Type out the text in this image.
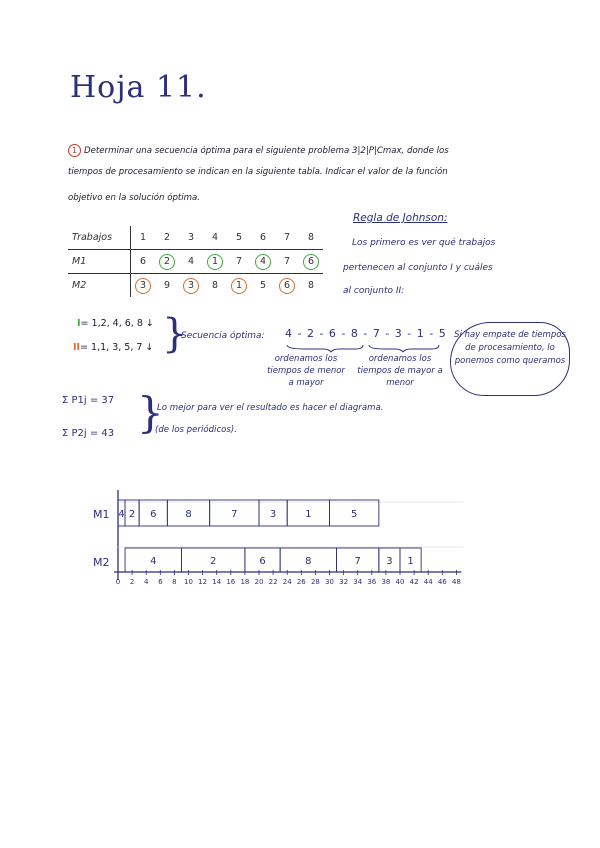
Hoja 11.
1 Determinar una secuencia óptima para el siguiente problema 3|2|P|Cmax, donde los
tiempos de procesamiento se indican en la siguiente tabla. Indicar el valor de la función
objetivo en la solución óptima.
Trabajos	1	2	3	4	5	6	7	8
M1	6	2	4	1	7	4	7	6
M2	3	9	3	8	1	5	6	8
Regla de Johnson:
Los primero es ver qué trabajos
pertenecen al conjunto I y cuáles
al conjunto II:
I= 1,2, 4, 6, 8 ↓
II= 1,1, 3, 5, 7 ↓ }
Secuencia óptima: 4 - 2 - 6 - 8 - 7 - 3 - 1 - 5
ordenamos los tiempos de menor a mayor
ordenamos los tiempos de mayor a menor
Si hay empate de tiempos de procesamiento, lo ponemos como queramos
Σ P1j = 37
Σ P2j = 43 }
Lo mejor para ver el resultado es hacer el diagrama.
(de los periódicos).
M1
M2
4 2 6	8	7	3	1	5
4	2	6	8	7	3 1
0 2 4 6 8 10 12 14 16 18 20 22 24 26 28 30 32 34 36 38 40 42 44 46 48
